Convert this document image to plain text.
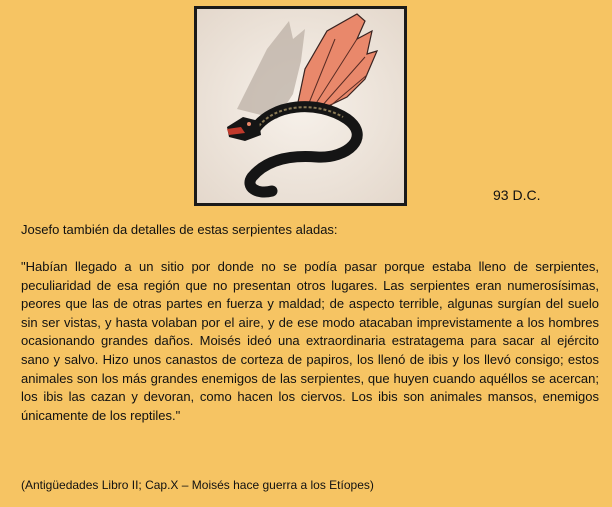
93 D.C.
Josefo también da detalles de estas serpientes aladas:

"Habían llegado a un sitio por donde no se podía pasar porque estaba lleno de serpientes, peculiaridad de esa región que no presentan otros lugares. Las serpientes eran numerosísimas, peores que las de otras partes en fuerza y maldad; de aspecto terrible, algunas surgían del suelo sin ser vistas, y hasta volaban por el aire, y de ese modo atacaban imprevistamente a los hombres ocasionando grandes daños. Moisés ideó una extraordinaria estratagema para sacar al ejército sano y salvo. Hizo unos canastos de corteza de papiros, los llenó de ibis y los llevó consigo; estos animales son los más grandes enemigos de las serpientes, que huyen cuando aquéllos se acercan; los ibis las cazan y devoran, como hacen los ciervos. Los ibis son animales mansos, enemigos únicamente de los reptiles."

(Antigüedades Libro II; Cap.X – Moisés hace guerra a los Etíopes)
